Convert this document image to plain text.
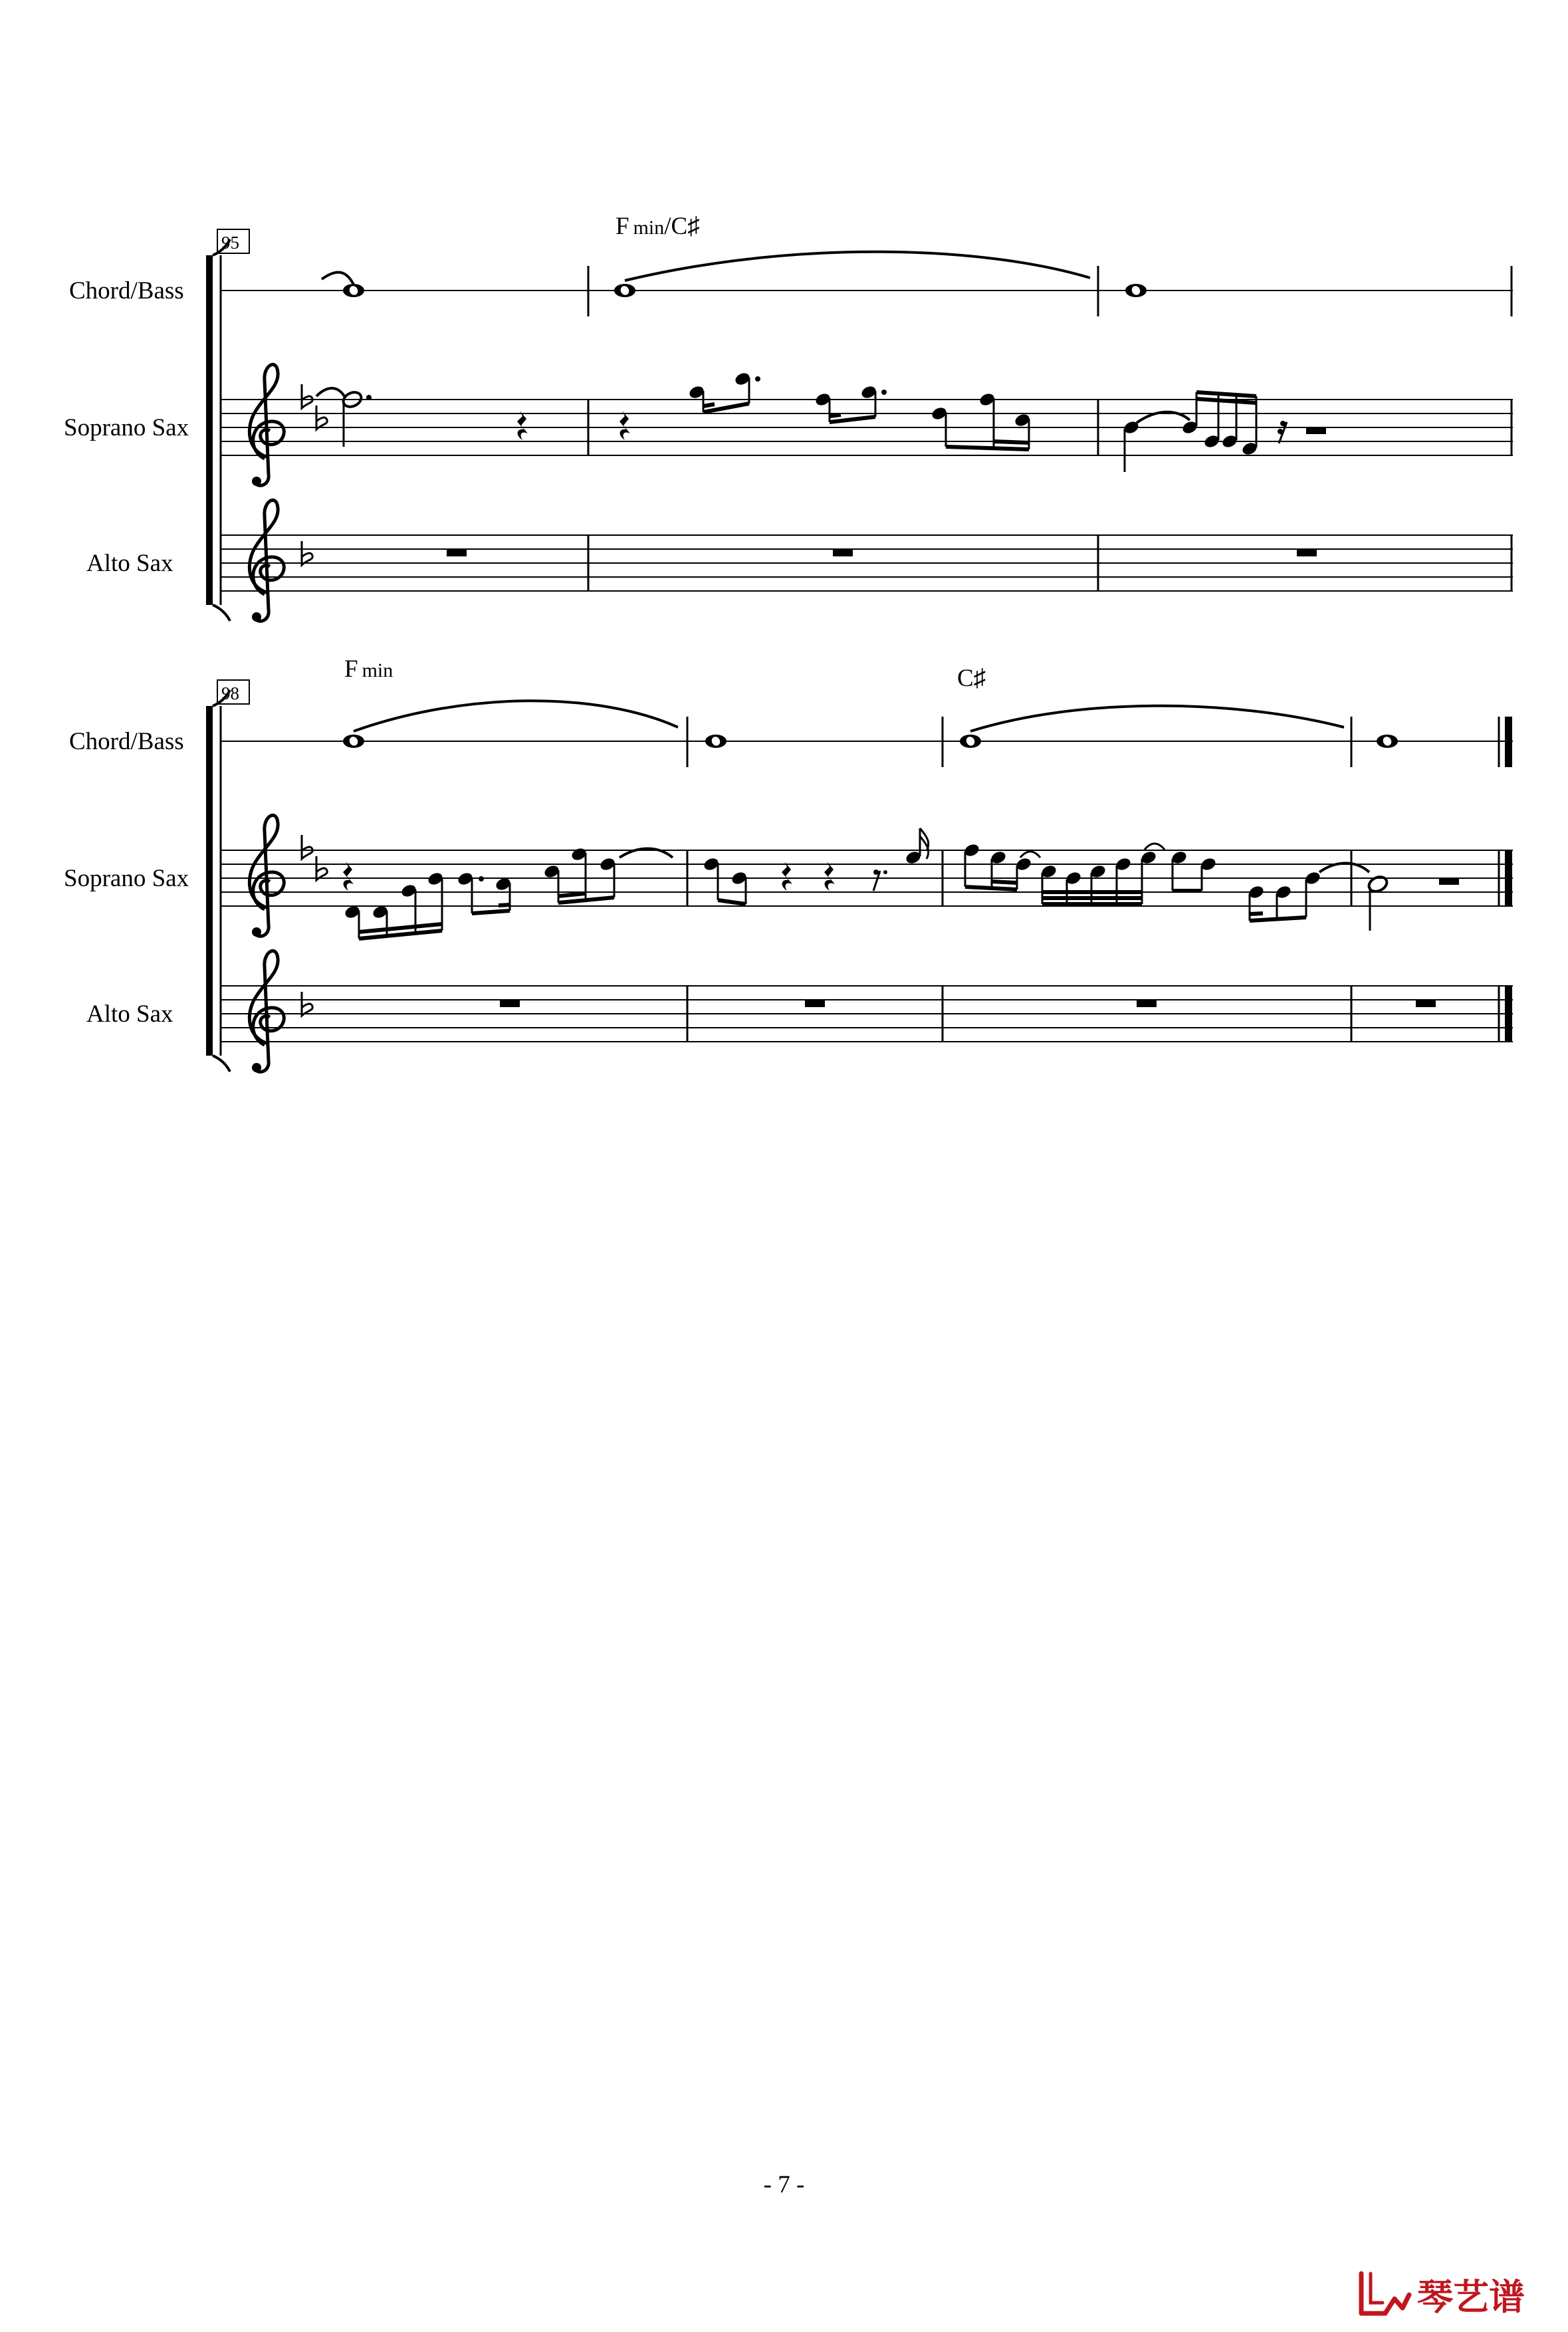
95
F min/C♯
98
F min	C♯
Chord/Bass
Soprano Sax
Alto Sax
Chord/Bass
Soprano Sax
Alto Sax
- 7 -
琴艺谱
